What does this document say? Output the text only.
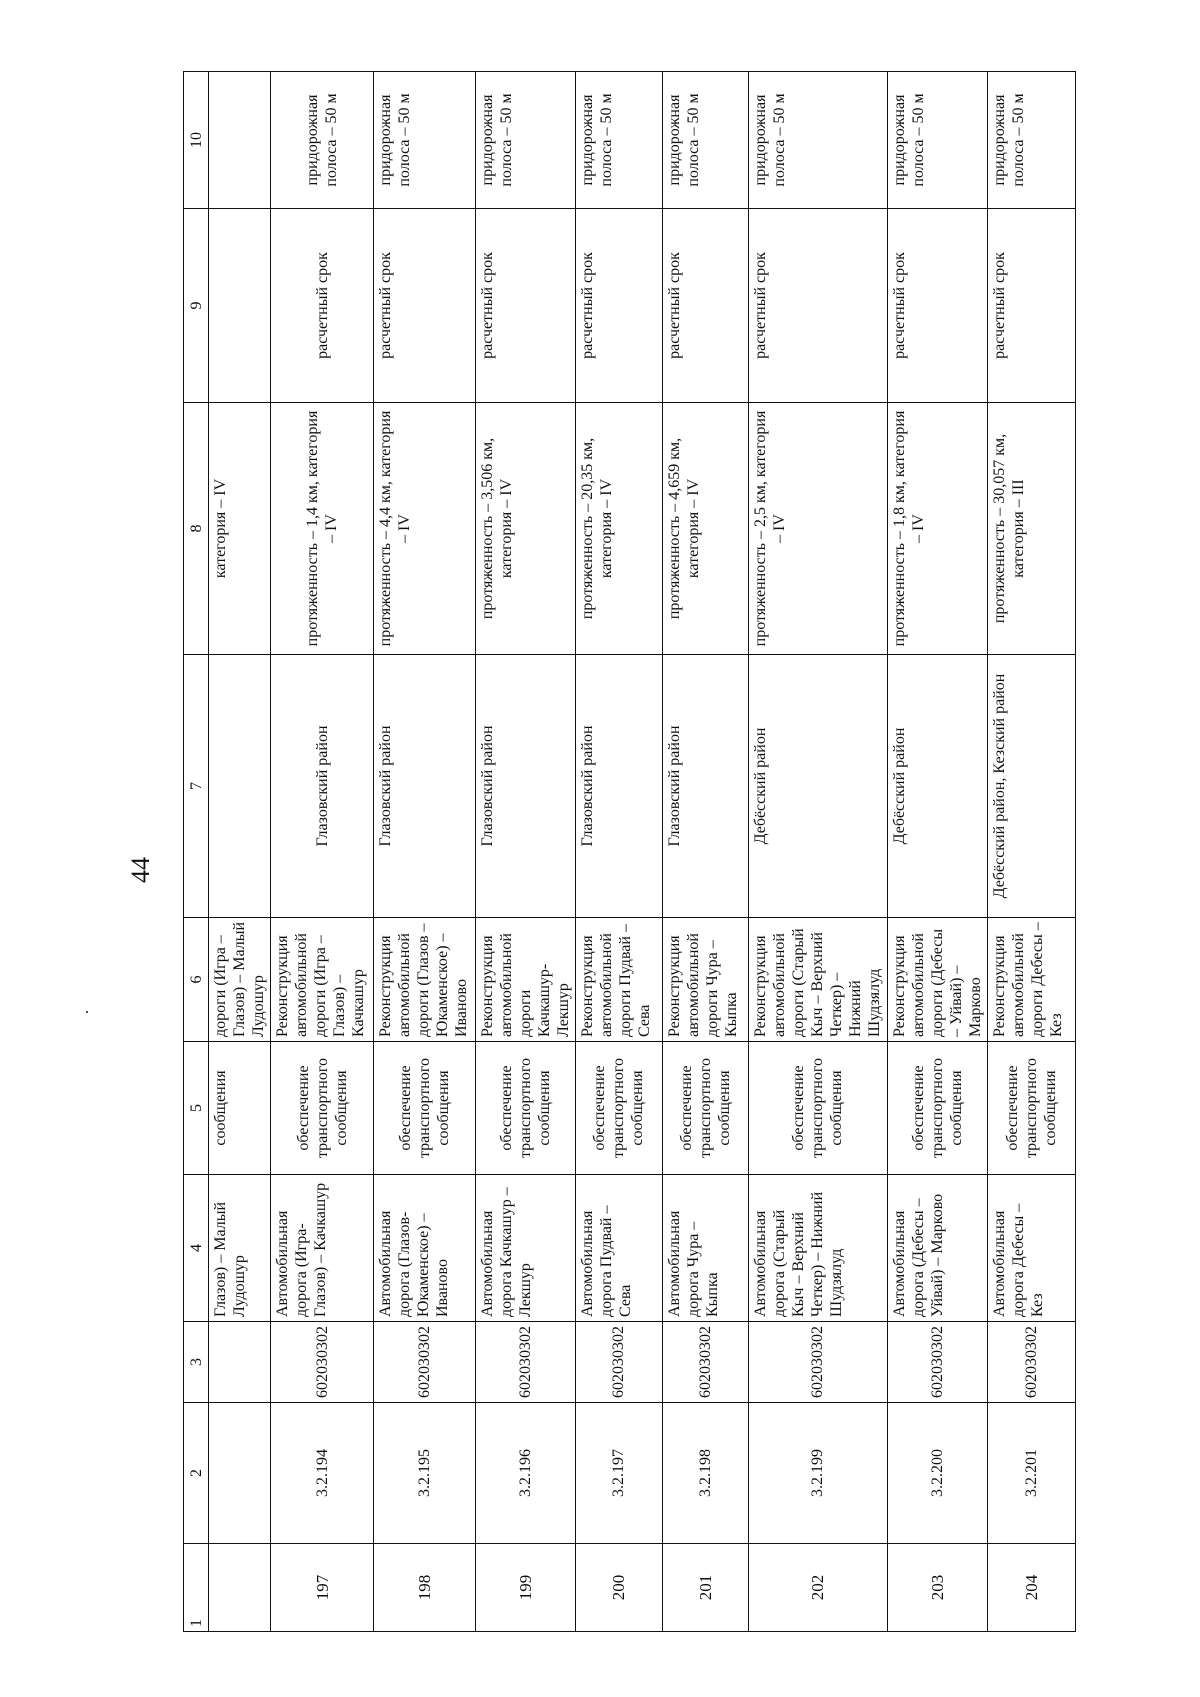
44
1	2	3	4	5	6	7	8	9	10
			Глазов) – Малый Лудошур	сообщения	дороги (Игра – Глазов) – Малый Лудошур		категория – IV		
197	3.2.194	602030302	Автомобильная дорога (Игра-Глазов) – Качкашур	обеспечение транспортного сообщения	Реконструкция автомобильной дороги (Игра – Глазов) – Качкашур	Глазовский район	протяженность – 1,4 км, категория – IV	расчетный срок	придорожная полоса – 50 м
198	3.2.195	602030302	Автомобильная дорога (Глазов-Юкаменское) – Иваново	обеспечение транспортного сообщения	Реконструкция автомобильной дороги (Глазов – Юкаменское) – Иваново	Глазовский район	протяженность – 4,4 км, категория – IV	расчетный срок	придорожная полоса – 50 м
199	3.2.196	602030302	Автомобильная дорога Качкашур – Лекшур	обеспечение транспортного сообщения	Реконструкция автомобильной дороги Качкашур-Лекшур	Глазовский район	протяженность – 3,506 км, категория – IV	расчетный срок	придорожная полоса – 50 м
200	3.2.197	602030302	Автомобильная дорога Пудвай – Сева	обеспечение транспортного сообщения	Реконструкция автомобильной дороги Пудвай – Сева	Глазовский район	протяженность – 20,35 км, категория – IV	расчетный срок	придорожная полоса – 50 м
201	3.2.198	602030302	Автомобильная дорога Чура – Кыпка	обеспечение транспортного сообщения	Реконструкция автомобильной дороги Чура – Кыпка	Глазовский район	протяженность – 4,659 км, категория – IV	расчетный срок	придорожная полоса – 50 м
202	3.2.199	602030302	Автомобильная дорога (Старый Кыч – Верхний Четкер) – Нижний Шудзялуд	обеспечение транспортного сообщения	Реконструкция автомобильной дороги (Старый Кыч – Верхний Четкер) – Нижний Шудзялуд	Дебёсский район	протяженность – 2,5 км, категория – IV	расчетный срок	придорожная полоса – 50 м
203	3.2.200	602030302	Автомобильная дорога (Дебесы – Уйвай) – Марково	обеспечение транспортного сообщения	Реконструкция автомобильной дороги (Дебесы – Уйвай) – Марково	Дебёсский район	протяженность – 1,8 км, категория – IV	расчетный срок	придорожная полоса – 50 м
204	3.2.201	602030302	Автомобильная дорога Дебесы – Кез	обеспечение транспортного сообщения	Реконструкция автомобильной дороги Дебесы – Кез	Дебёсский район, Кезский район	протяженность – 30,057 км, категория – III	расчетный срок	придорожная полоса – 50 м
